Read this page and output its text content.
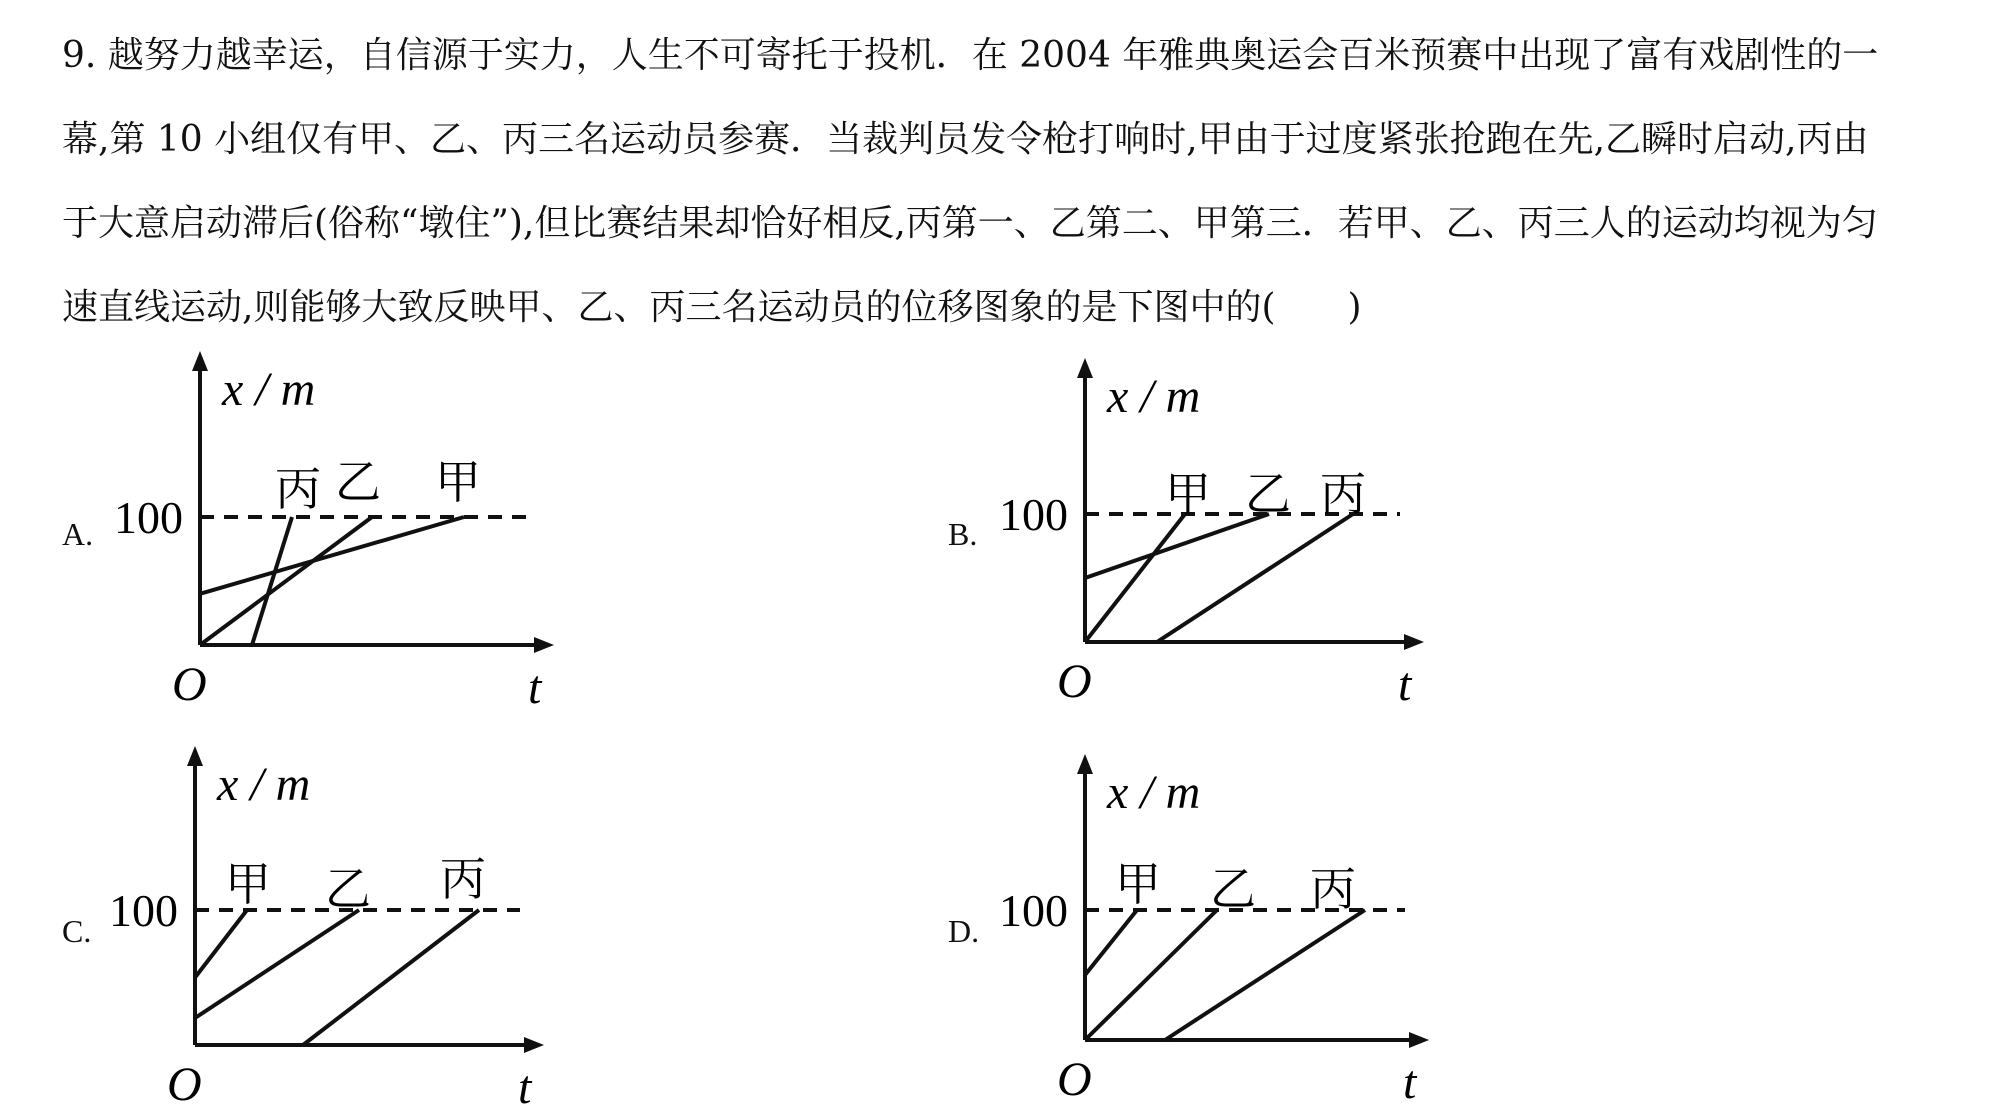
9. 越努力越幸运，自信源于实力，人生不可寄托于投机．在 2004 年雅典奥运会百米预赛中出现了富有戏剧性的一
幕,第 10 小组仅有甲、乙、丙三名运动员参赛．当裁判员发令枪打响时,甲由于过度紧张抢跑在先,乙瞬时启动,丙由
于大意启动滞后(俗称“墩住”),但比赛结果却恰好相反,丙第一、乙第二、甲第三．若甲、乙、丙三人的运动均视为匀
速直线运动,则能够大致反映甲、乙、丙三名运动员的位移图象的是下图中的(　　)
A.	B.
C.	D.
x / m
t
O
100
丙 乙 甲
x / m
t
O
100 甲 乙 丙
x / m
t
O
100 甲 乙 丙
x / m
t
O
100 甲 乙 丙
